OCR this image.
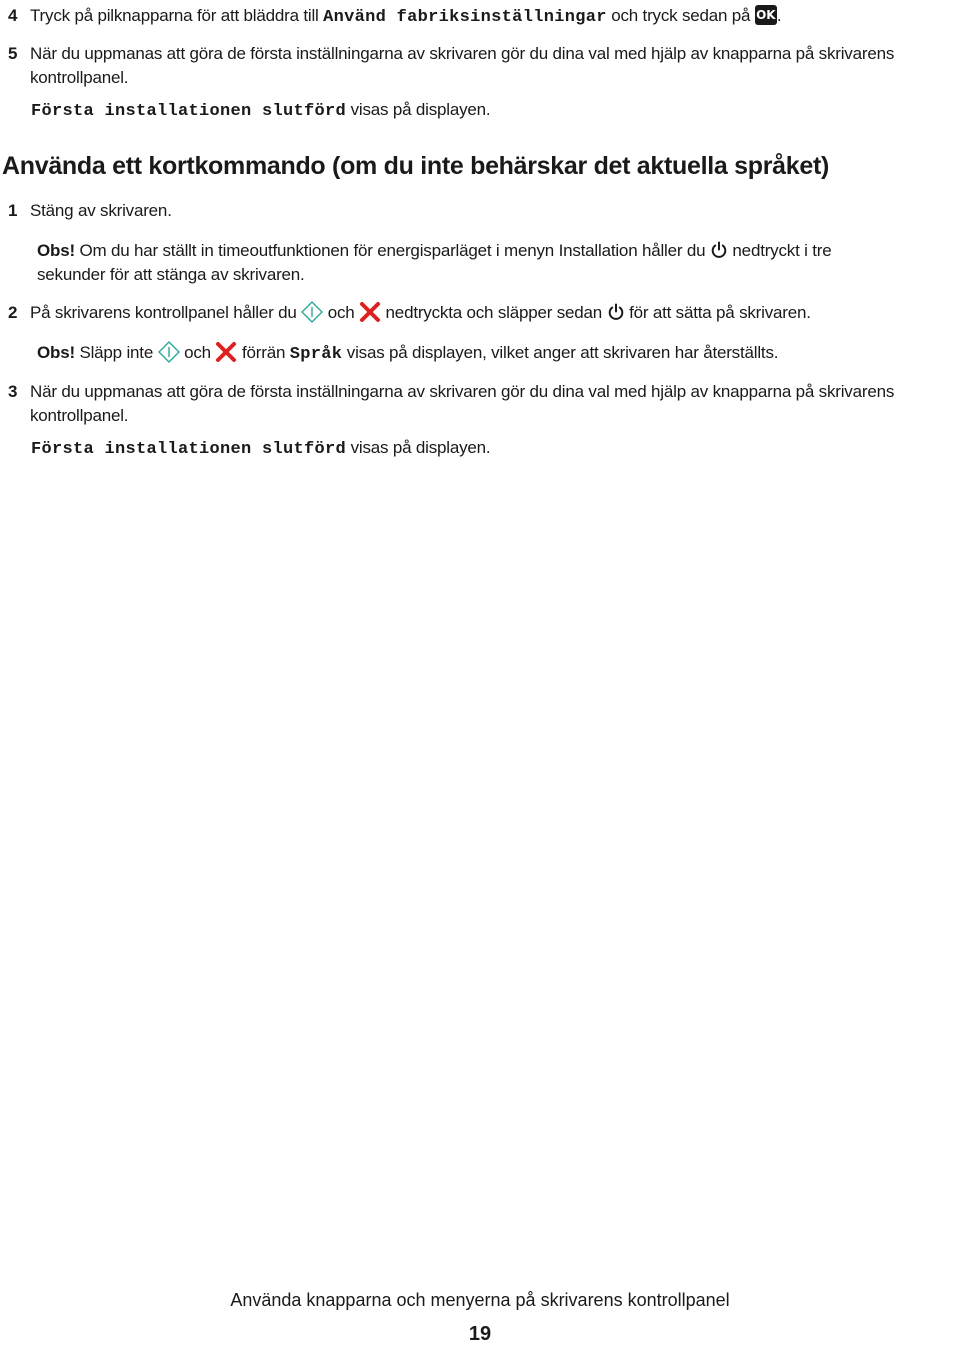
4 Tryck på pilknapparna för att bläddra till Använd fabriksinställningar och tryck sedan på OK.
5 När du uppmanas att göra de första inställningarna av skrivaren gör du dina val med hjälp av knapparna på skrivarens
kontrollpanel.
Första installationen slutförd visas på displayen.
Använda ett kortkommando (om du inte behärskar det aktuella språket)
1 Stäng av skrivaren.
Obs! Om du har ställt in timeoutfunktionen för energisparläget i menyn Installation håller du  nedtryckt i tre
sekunder för att stänga av skrivaren.
2 På skrivarens kontrollpanel håller du  och  nedtryckta och släpper sedan  för att sätta på skrivaren.
Obs! Släpp inte  och  förrän Språk visas på displayen, vilket anger att skrivaren har återställts.
3 När du uppmanas att göra de första inställningarna av skrivaren gör du dina val med hjälp av knapparna på skrivarens
kontrollpanel.
Första installationen slutförd visas på displayen.
Använda knapparna och menyerna på skrivarens kontrollpanel
19
